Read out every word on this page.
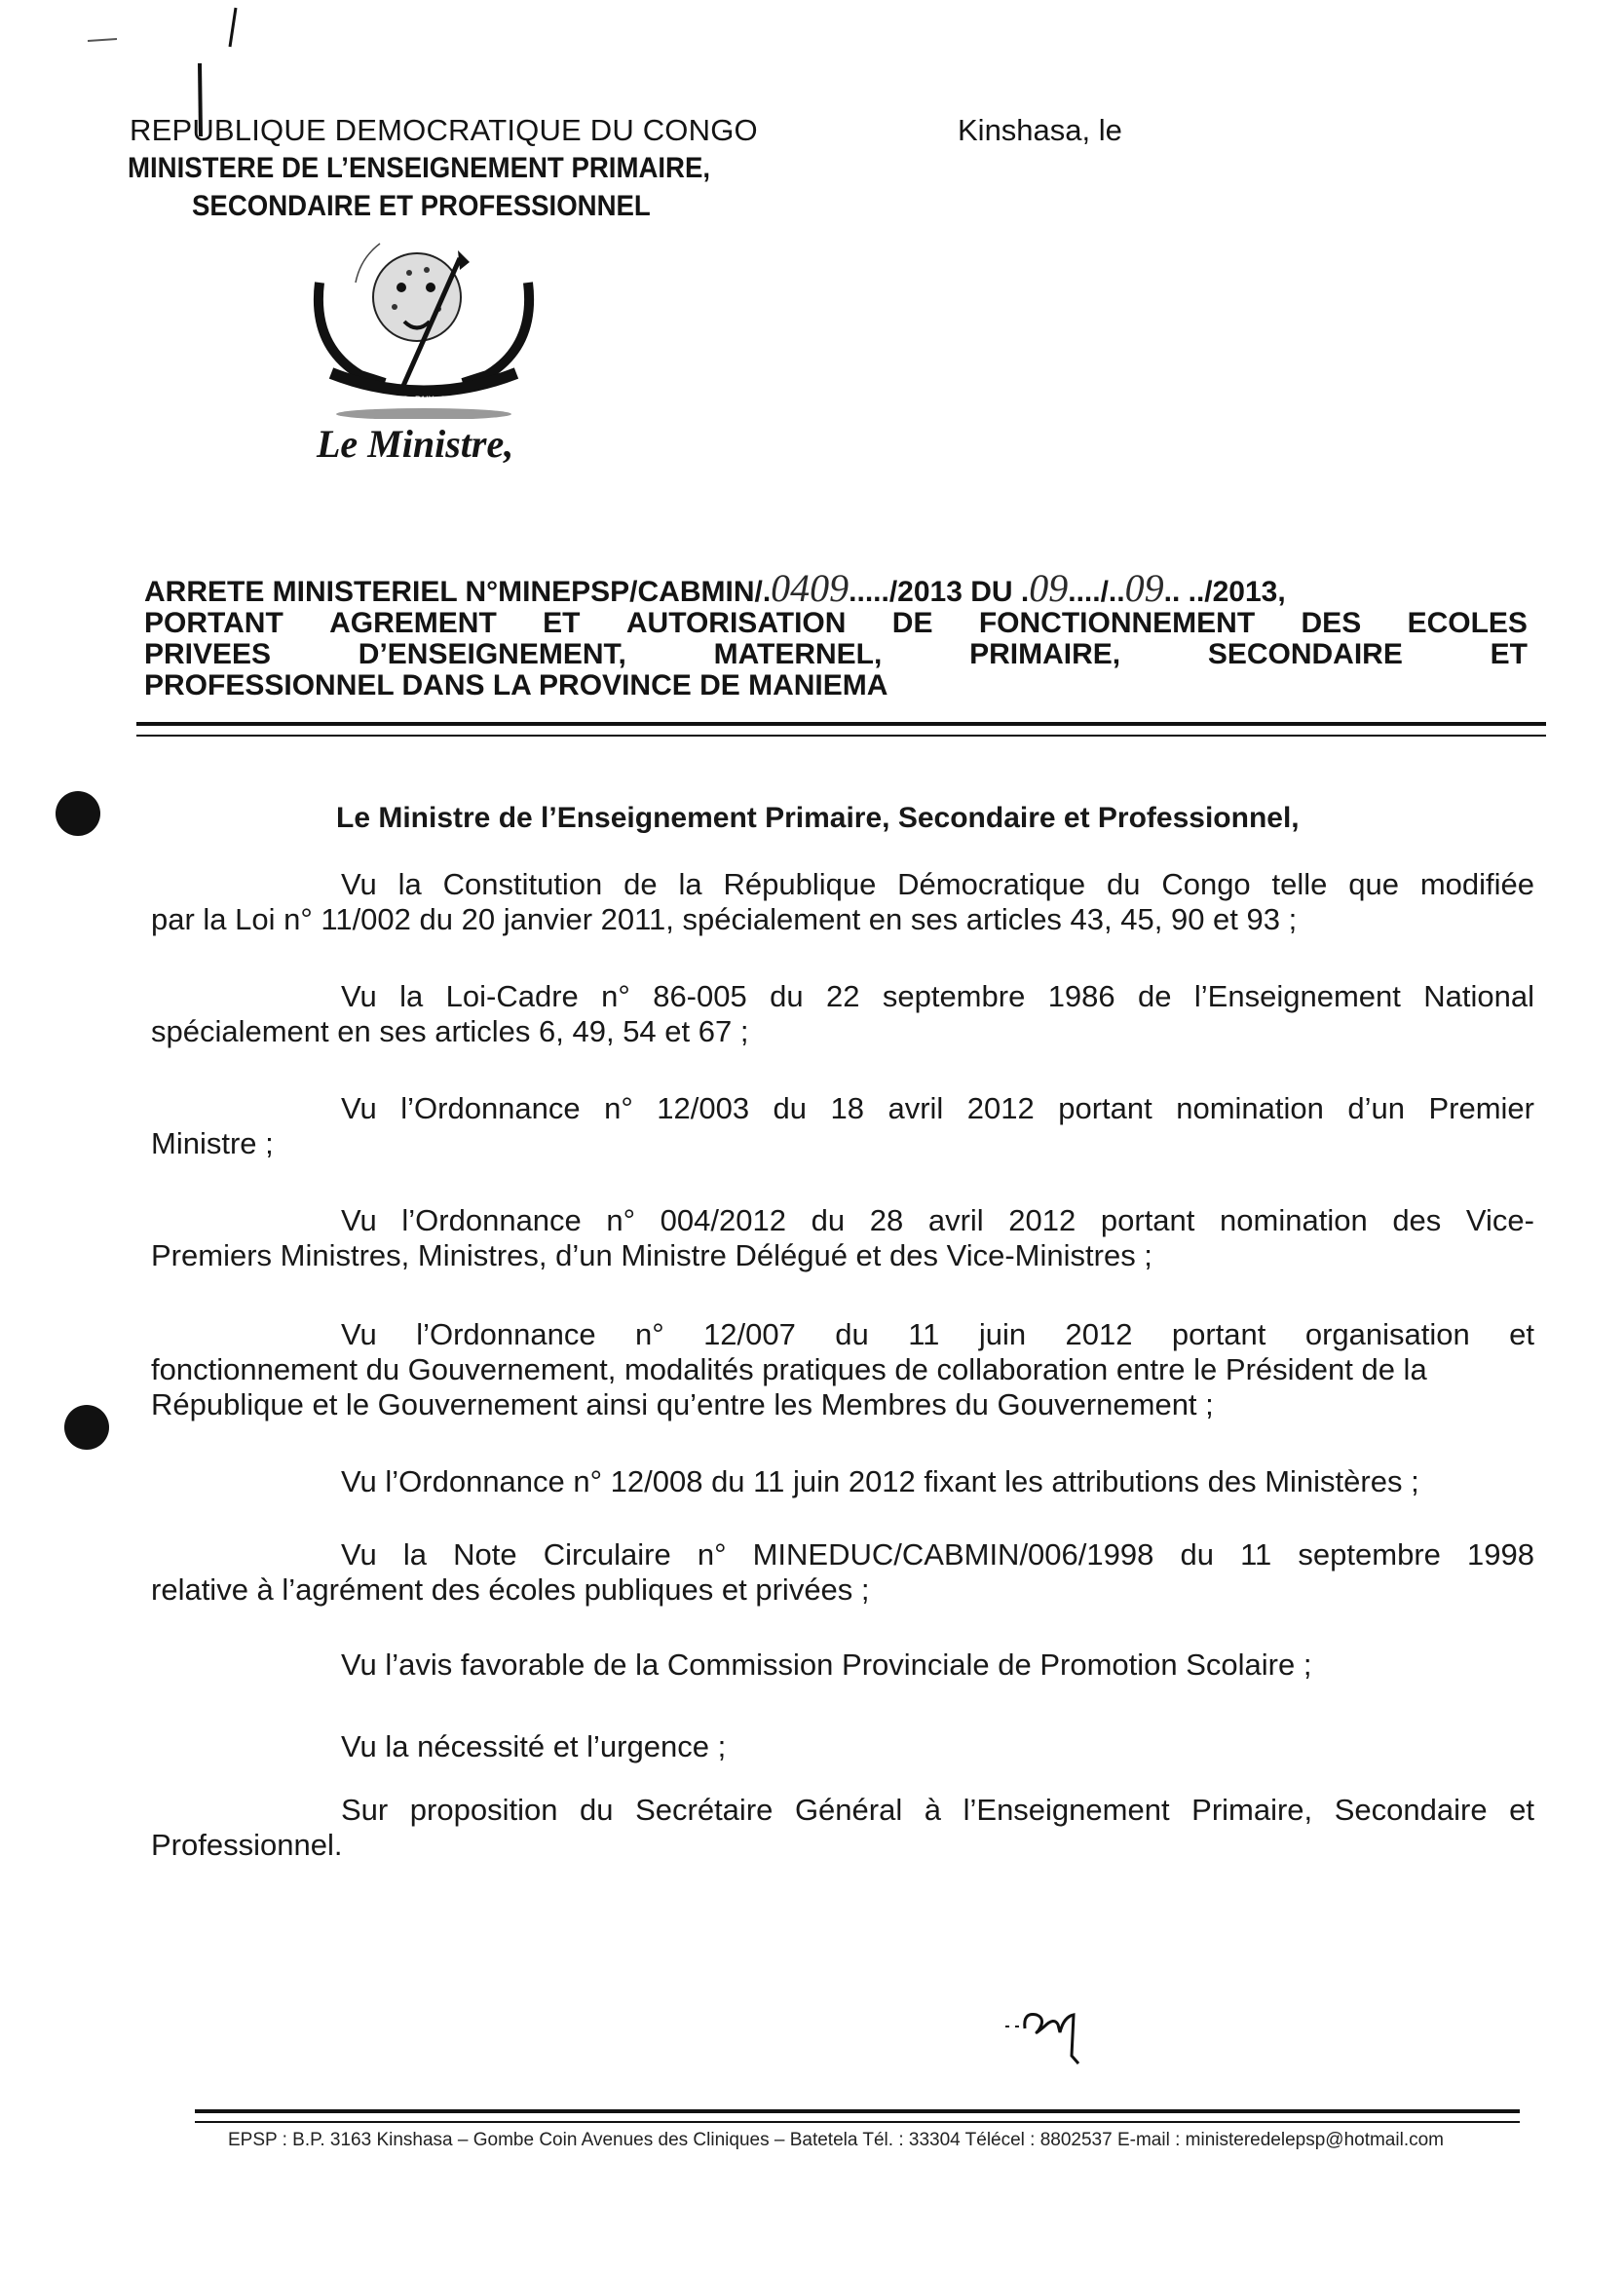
REPUBLIQUE DEMOCRATIQUE DU CONGO
MINISTERE DE L’ENSEIGNEMENT PRIMAIRE,
SECONDAIRE ET PROFESSIONNEL
Kinshasa, le
JUSTICE · PAIX · TRAVAIL
Le Ministre,
ARRETE MINISTERIEL N°MINEPSP/CABMIN/. 0409 ...../2013 DU . 09 ..../.. 09 .. ../2013,
PORTANT AGREMENT ET AUTORISATION DE FONCTIONNEMENT DES ECOLES
PRIVEES	D’ENSEIGNEMENT,	MATERNEL,	PRIMAIRE,	SECONDAIRE	ET
PROFESSIONNEL DANS LA PROVINCE DE MANIEMA
Le Ministre de l’Enseignement Primaire, Secondaire et Professionnel,
Vu la Constitution de la République Démocratique du Congo telle que modifiée
par la Loi n° 11/002 du 20 janvier 2011, spécialement en ses articles 43, 45, 90 et 93 ;
Vu la Loi-Cadre n° 86-005 du 22 septembre 1986 de l’Enseignement National
spécialement en ses articles 6, 49, 54 et 67 ;
Vu l’Ordonnance n° 12/003 du 18 avril 2012 portant nomination d’un Premier
Ministre ;
Vu l’Ordonnance n° 004/2012 du 28 avril 2012 portant nomination des Vice-
Premiers Ministres, Ministres, d’un Ministre Délégué et des Vice-Ministres ;
Vu l’Ordonnance n° 12/007 du 11 juin 2012 portant organisation et
fonctionnement du Gouvernement, modalités pratiques de collaboration entre le Président de la
République et le Gouvernement ainsi qu’entre les Membres du Gouvernement ;
Vu l’Ordonnance n° 12/008 du 11 juin 2012 fixant les attributions des Ministères ;
Vu la Note Circulaire n° MINEDUC/CABMIN/006/1998 du 11 septembre 1998
relative à l’agrément des écoles publiques et privées ;
Vu l’avis favorable de la Commission Provinciale de Promotion Scolaire ;
Vu la nécessité et l’urgence ;
Sur proposition du Secrétaire Général à l’Enseignement Primaire, Secondaire et
Professionnel.
EPSP : B.P. 3163 Kinshasa – Gombe Coin Avenues des Cliniques – Batetela Tél. : 33304 Télécel : 8802537 E-mail : ministeredelepsp@hotmail.com
